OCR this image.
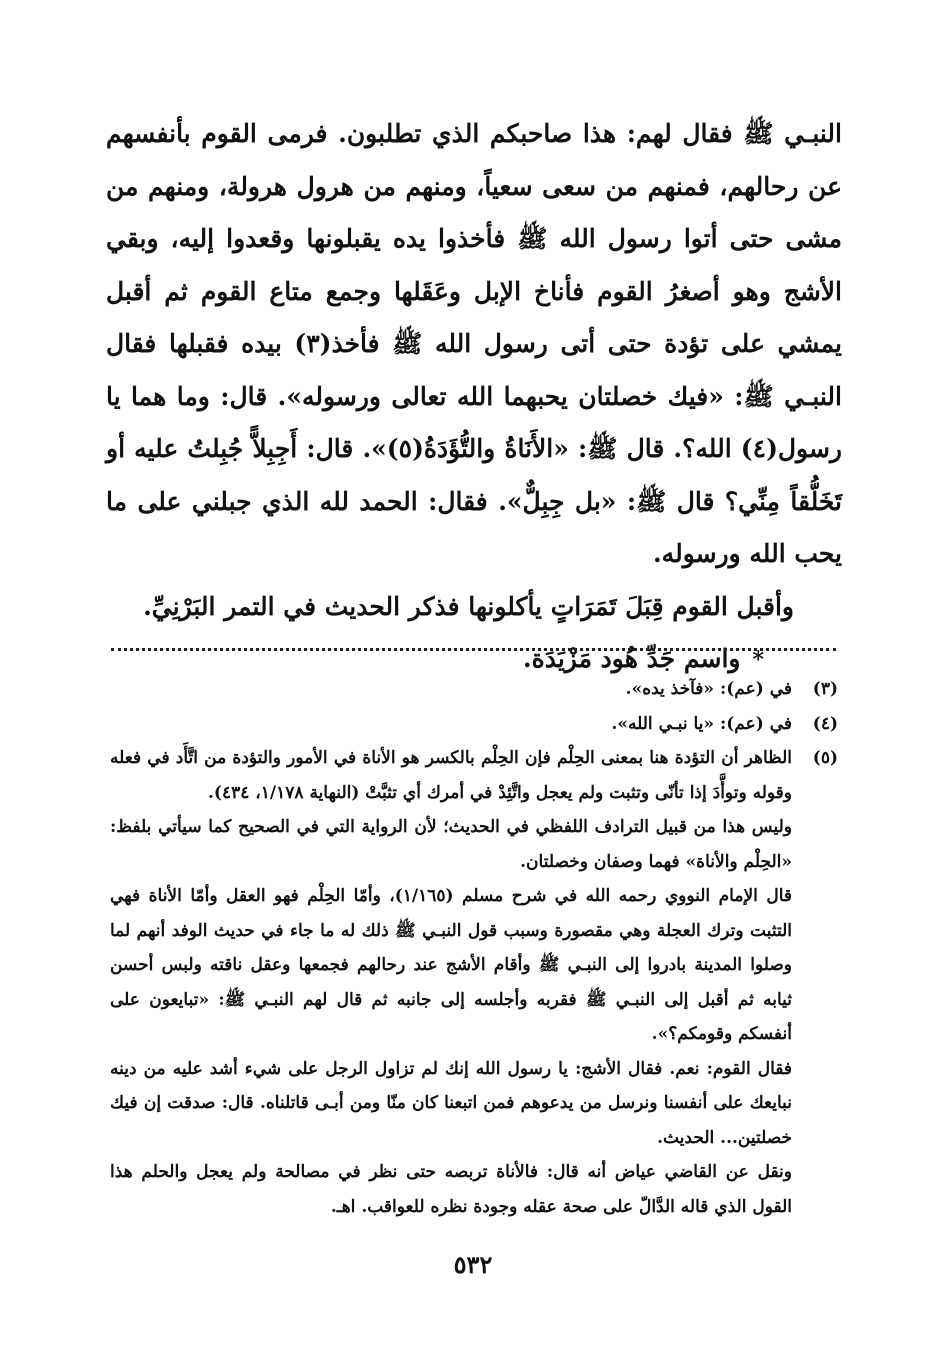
النبـي ﷺ فقال لهم: هذا صاحبكم الذي تطلبون. فرمى القوم بأنفسهم عن رحالهم، فمنهم من سعى سعياً، ومنهم من هرول هرولة، ومنهم من مشى حتى أتوا رسول الله ﷺ فأخذوا يده يقبلونها وقعدوا إليه، وبقي الأشج وهو أصغرُ القوم فأناخ الإبل وعَقَلها وجمع متاع القوم ثم أقبل يمشي على تؤدة حتى أتى رسول الله ﷺ فأخذ(٣) بيده فقبلها فقال النبـي ﷺ: «فيك خصلتان يحبهما الله تعالى ورسوله». قال: وما هما يا رسول(٤) الله؟. قال ﷺ: «الأَنَاةُ والتُّؤَدَةُ(٥)». قال: أَجِبِلاًّ جُبِلتُ عليه أو تَخَلُّقاً مِنِّي؟ قال ﷺ: «بل جِبِلٌّ». فقال: الحمد لله الذي جبلني على ما يحب الله ورسوله.

وأقبل القوم قِبَلَ تَمَرَاتٍ يأكلونها فذكر الحديث في التمر البَرْنِيِّ.

*واسم جَدِّ هُود مَزْيَدَة.

(٣)

في (عم): «فآخذ يده».

(٤)

في (عم): «يا نبـي الله».

(٥)

الظاهر أن التؤدة هنا بمعنى الحِلْم فإن الحِلْم بالكسر هو الأناة في الأمور والتؤدة من اتَّأَد في فعله وقوله وتوأَّدَ إذا تأنّى وتثبت ولم يعجل واتَّئِدْ في أمرك أي تثبَّتْ (النهاية ١/١٧٨، ٤٣٤).

وليس هذا من قبيل الترادف اللفظي في الحديث؛ لأن الرواية التي في الصحيح كما سيأتي بلفظ: «الحِلْم والأناة» فهما وصفان وخصلتان.

قال الإمام النووي رحمه الله في شرح مسلم (١/١٦٥)، وأمّا الحِلْم فهو العقل وأمّا الأناة فهي التثبت وترك العجلة وهي مقصورة وسبب قول النبـي ﷺ ذلك له ما جاء في حديث الوفد أنهم لما وصلوا المدينة بادروا إلى النبـي ﷺ وأقام الأشج عند رحالهم فجمعها وعقل ناقته ولبس أحسن ثيابه ثم أقبل إلى النبـي ﷺ فقربه وأجلسه إلى جانبه ثم قال لهم النبـي ﷺ: «تبايعون على أنفسكم وقومكم؟».

فقال القوم: نعم. فقال الأشج: يا رسول الله إنك لم تزاول الرجل على شيء أشد عليه من دينه نبايعك على أنفسنا ونرسل من يدعوهم فمن اتبعنا كان منّا ومن أبـى قاتلناه. قال: صدقت إن فيك خصلتين... الحديث.

ونقل عن القاضي عياض أنه قال: فالأناة تربصه حتى نظر في مصالحة ولم يعجل والحلم هذا القول الذي قاله الدَّالّ على صحة عقله وجودة نظره للعواقب. اهـ.

٥٣٢
